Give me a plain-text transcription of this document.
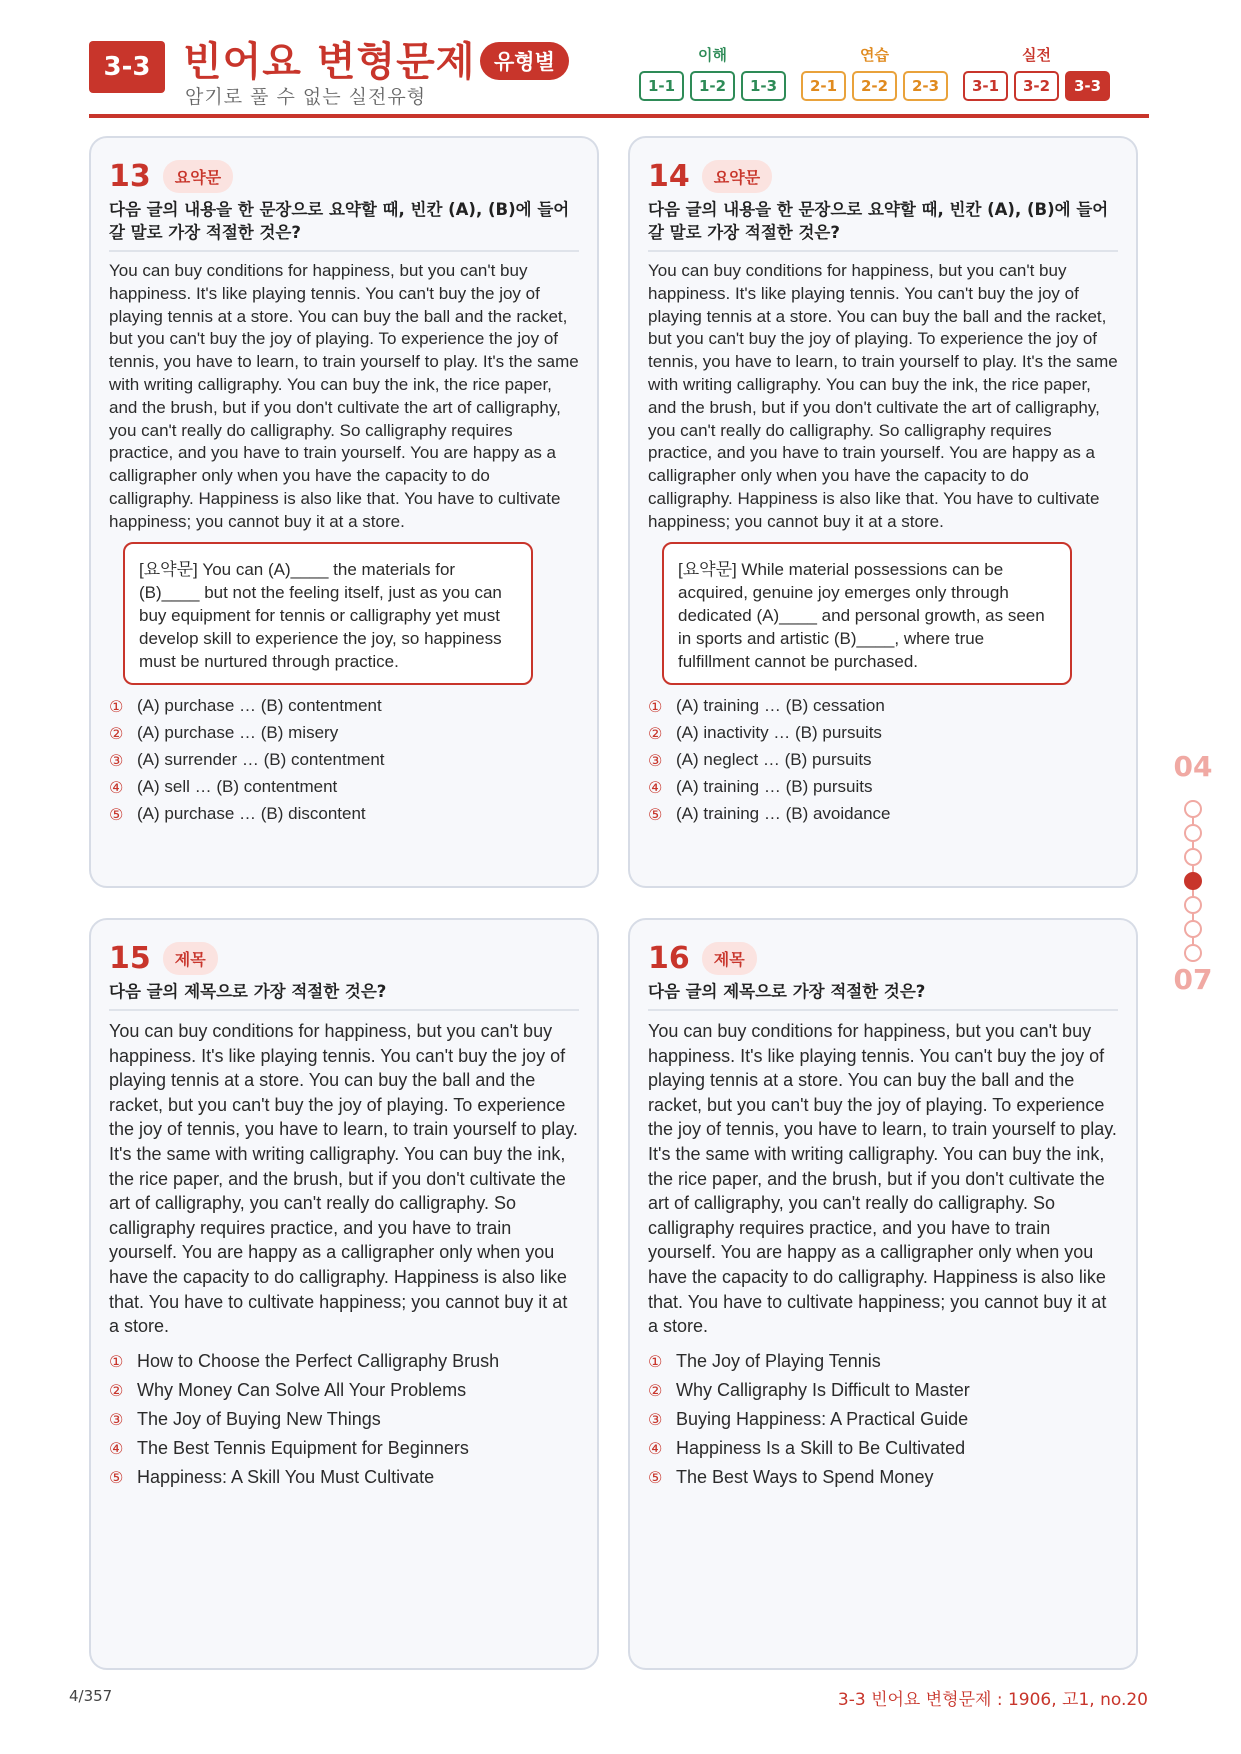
3-3 빈어요 변형문제 유형별
암기로 풀 수 없는 실전유형
이해
1-1	1-2	1-3
연습
2-1	2-2	2-3
실전
3-1	3-2	3-3
13	요약문
다음 글의 내용을 한 문장으로 요약할 때, 빈칸 (A), (B)에 들어갈 말로 가장 적절한 것은?
You can buy conditions for happiness, but you can't buy happiness. It's like playing tennis. You can't buy the joy of playing tennis at a store. You can buy the ball and the racket, but you can't buy the joy of playing. To experience the joy of tennis, you have to learn, to train yourself to play. It's the same with writing calligraphy. You can buy the ink, the rice paper, and the brush, but if you don't cultivate the art of calligraphy, you can't really do calligraphy. So calligraphy requires practice, and you have to train yourself. You are happy as a calligrapher only when you have the capacity to do calligraphy. Happiness is also like that. You have to cultivate happiness; you cannot buy it at a store.
[요약문] You can (A)____ the materials for (B)____ but not the feeling itself, just as you can buy equipment for tennis or calligraphy yet must develop skill to experience the joy, so happiness must be nurtured through practice.
① (A) purchase … (B) contentment
② (A) purchase … (B) misery
③ (A) surrender … (B) contentment
④ (A) sell … (B) contentment
⑤ (A) purchase … (B) discontent
14	요약문
다음 글의 내용을 한 문장으로 요약할 때, 빈칸 (A), (B)에 들어갈 말로 가장 적절한 것은?
You can buy conditions for happiness, but you can't buy happiness. It's like playing tennis. You can't buy the joy of playing tennis at a store. You can buy the ball and the racket, but you can't buy the joy of playing. To experience the joy of tennis, you have to learn, to train yourself to play. It's the same with writing calligraphy. You can buy the ink, the rice paper, and the brush, but if you don't cultivate the art of calligraphy, you can't really do calligraphy. So calligraphy requires practice, and you have to train yourself. You are happy as a calligrapher only when you have the capacity to do calligraphy. Happiness is also like that. You have to cultivate happiness; you cannot buy it at a store.
[요약문] While material possessions can be acquired, genuine joy emerges only through dedicated (A)____ and personal growth, as seen in sports and artistic (B)____, where true fulfillment cannot be purchased.
① (A) training … (B) cessation
② (A) inactivity … (B) pursuits
③ (A) neglect … (B) pursuits
④ (A) training … (B) pursuits
⑤ (A) training … (B) avoidance
15	제목
다음 글의 제목으로 가장 적절한 것은?
You can buy conditions for happiness, but you can't buy happiness. It's like playing tennis. You can't buy the joy of playing tennis at a store. You can buy the ball and the racket, but you can't buy the joy of playing. To experience the joy of tennis, you have to learn, to train yourself to play. It's the same with writing calligraphy. You can buy the ink, the rice paper, and the brush, but if you don't cultivate the art of calligraphy, you can't really do calligraphy. So calligraphy requires practice, and you have to train yourself. You are happy as a calligrapher only when you have the capacity to do calligraphy. Happiness is also like that. You have to cultivate happiness; you cannot buy it at a store.
① How to Choose the Perfect Calligraphy Brush
② Why Money Can Solve All Your Problems
③ The Joy of Buying New Things
④ The Best Tennis Equipment for Beginners
⑤ Happiness: A Skill You Must Cultivate
16	제목
다음 글의 제목으로 가장 적절한 것은?
You can buy conditions for happiness, but you can't buy happiness. It's like playing tennis. You can't buy the joy of playing tennis at a store. You can buy the ball and the racket, but you can't buy the joy of playing. To experience the joy of tennis, you have to learn, to train yourself to play. It's the same with writing calligraphy. You can buy the ink, the rice paper, and the brush, but if you don't cultivate the art of calligraphy, you can't really do calligraphy. So calligraphy requires practice, and you have to train yourself. You are happy as a calligrapher only when you have the capacity to do calligraphy. Happiness is also like that. You have to cultivate happiness; you cannot buy it at a store.
① The Joy of Playing Tennis
② Why Calligraphy Is Difficult to Master
③ Buying Happiness: A Practical Guide
④ Happiness Is a Skill to Be Cultivated
⑤ The Best Ways to Spend Money
04
07
4/357	3-3 빈어요 변형문제 : 1906, 고1, no.20
